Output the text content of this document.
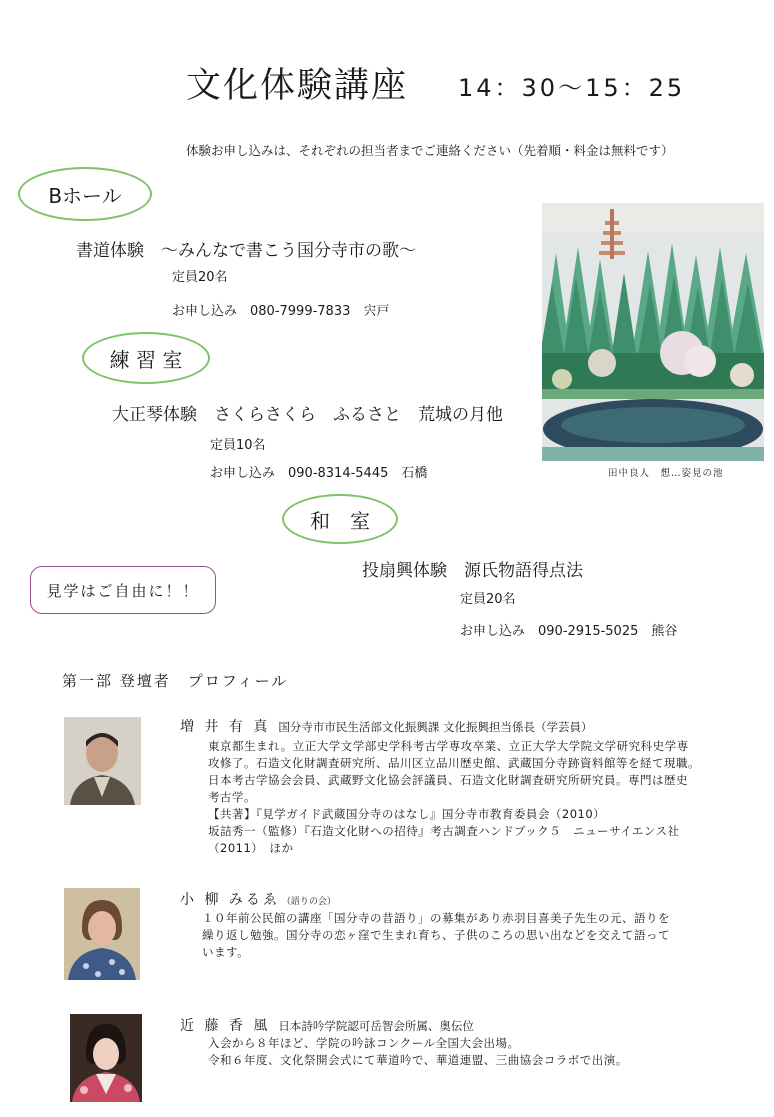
文化体験講座 14：30～15：25
体験お申し込みは、それぞれの担当者までご連絡ください（先着順・料金は無料です）
Bホール
書道体験　～みんなで書こう国分寺市の歌～
定員20名
お申し込み　080-7999-7833　宍戸
練 習 室
大正琴体験　さくらさくら　ふるさと　荒城の月他
定員10名
お申し込み　090-8314-5445　石橋
和　室
投扇興体験　源氏物語得点法
定員20名
お申し込み　090-2915-5025　熊谷
見学はご自由に！！
田中良人　想…姿見の池
第一部 登壇者　プロフィール
増 井 有 真 国分寺市市民生活部文化振興課 文化振興担当係長（学芸員）
東京都生まれ。立正大学文学部史学科考古学専攻卒業、立正大学大学院文学研究科史学専
攻修了。石造文化財調査研究所、品川区立品川歴史館、武蔵国分寺跡資料館等を経て現職。
日本考古学協会会員、武蔵野文化協会評議員、石造文化財調査研究所研究員。専門は歴史
考古学。
【共著】『見学ガイド武蔵国分寺のはなし』国分寺市教育委員会（2010）
坂詰秀一（監修）『石造文化財への招待』考古調査ハンドブック５　ニューサイエンス社
（2011）　ほか
小 柳 みるゑ （語りの会）
１０年前公民館の講座「国分寺の昔語り」の募集があり赤羽目喜美子先生の元、語りを
繰り返し勉強。国分寺の恋ヶ窪で生まれ育ち、子供のころの思い出などを交えて語って
います。
近 藤 香 風 日本詩吟学院認可岳智会所属、奥伝位
入会から８年ほど、学院の吟詠コンクール全国大会出場。
令和６年度、文化祭開会式にて華道吟で、華道連盟、三曲協会コラボで出演。
